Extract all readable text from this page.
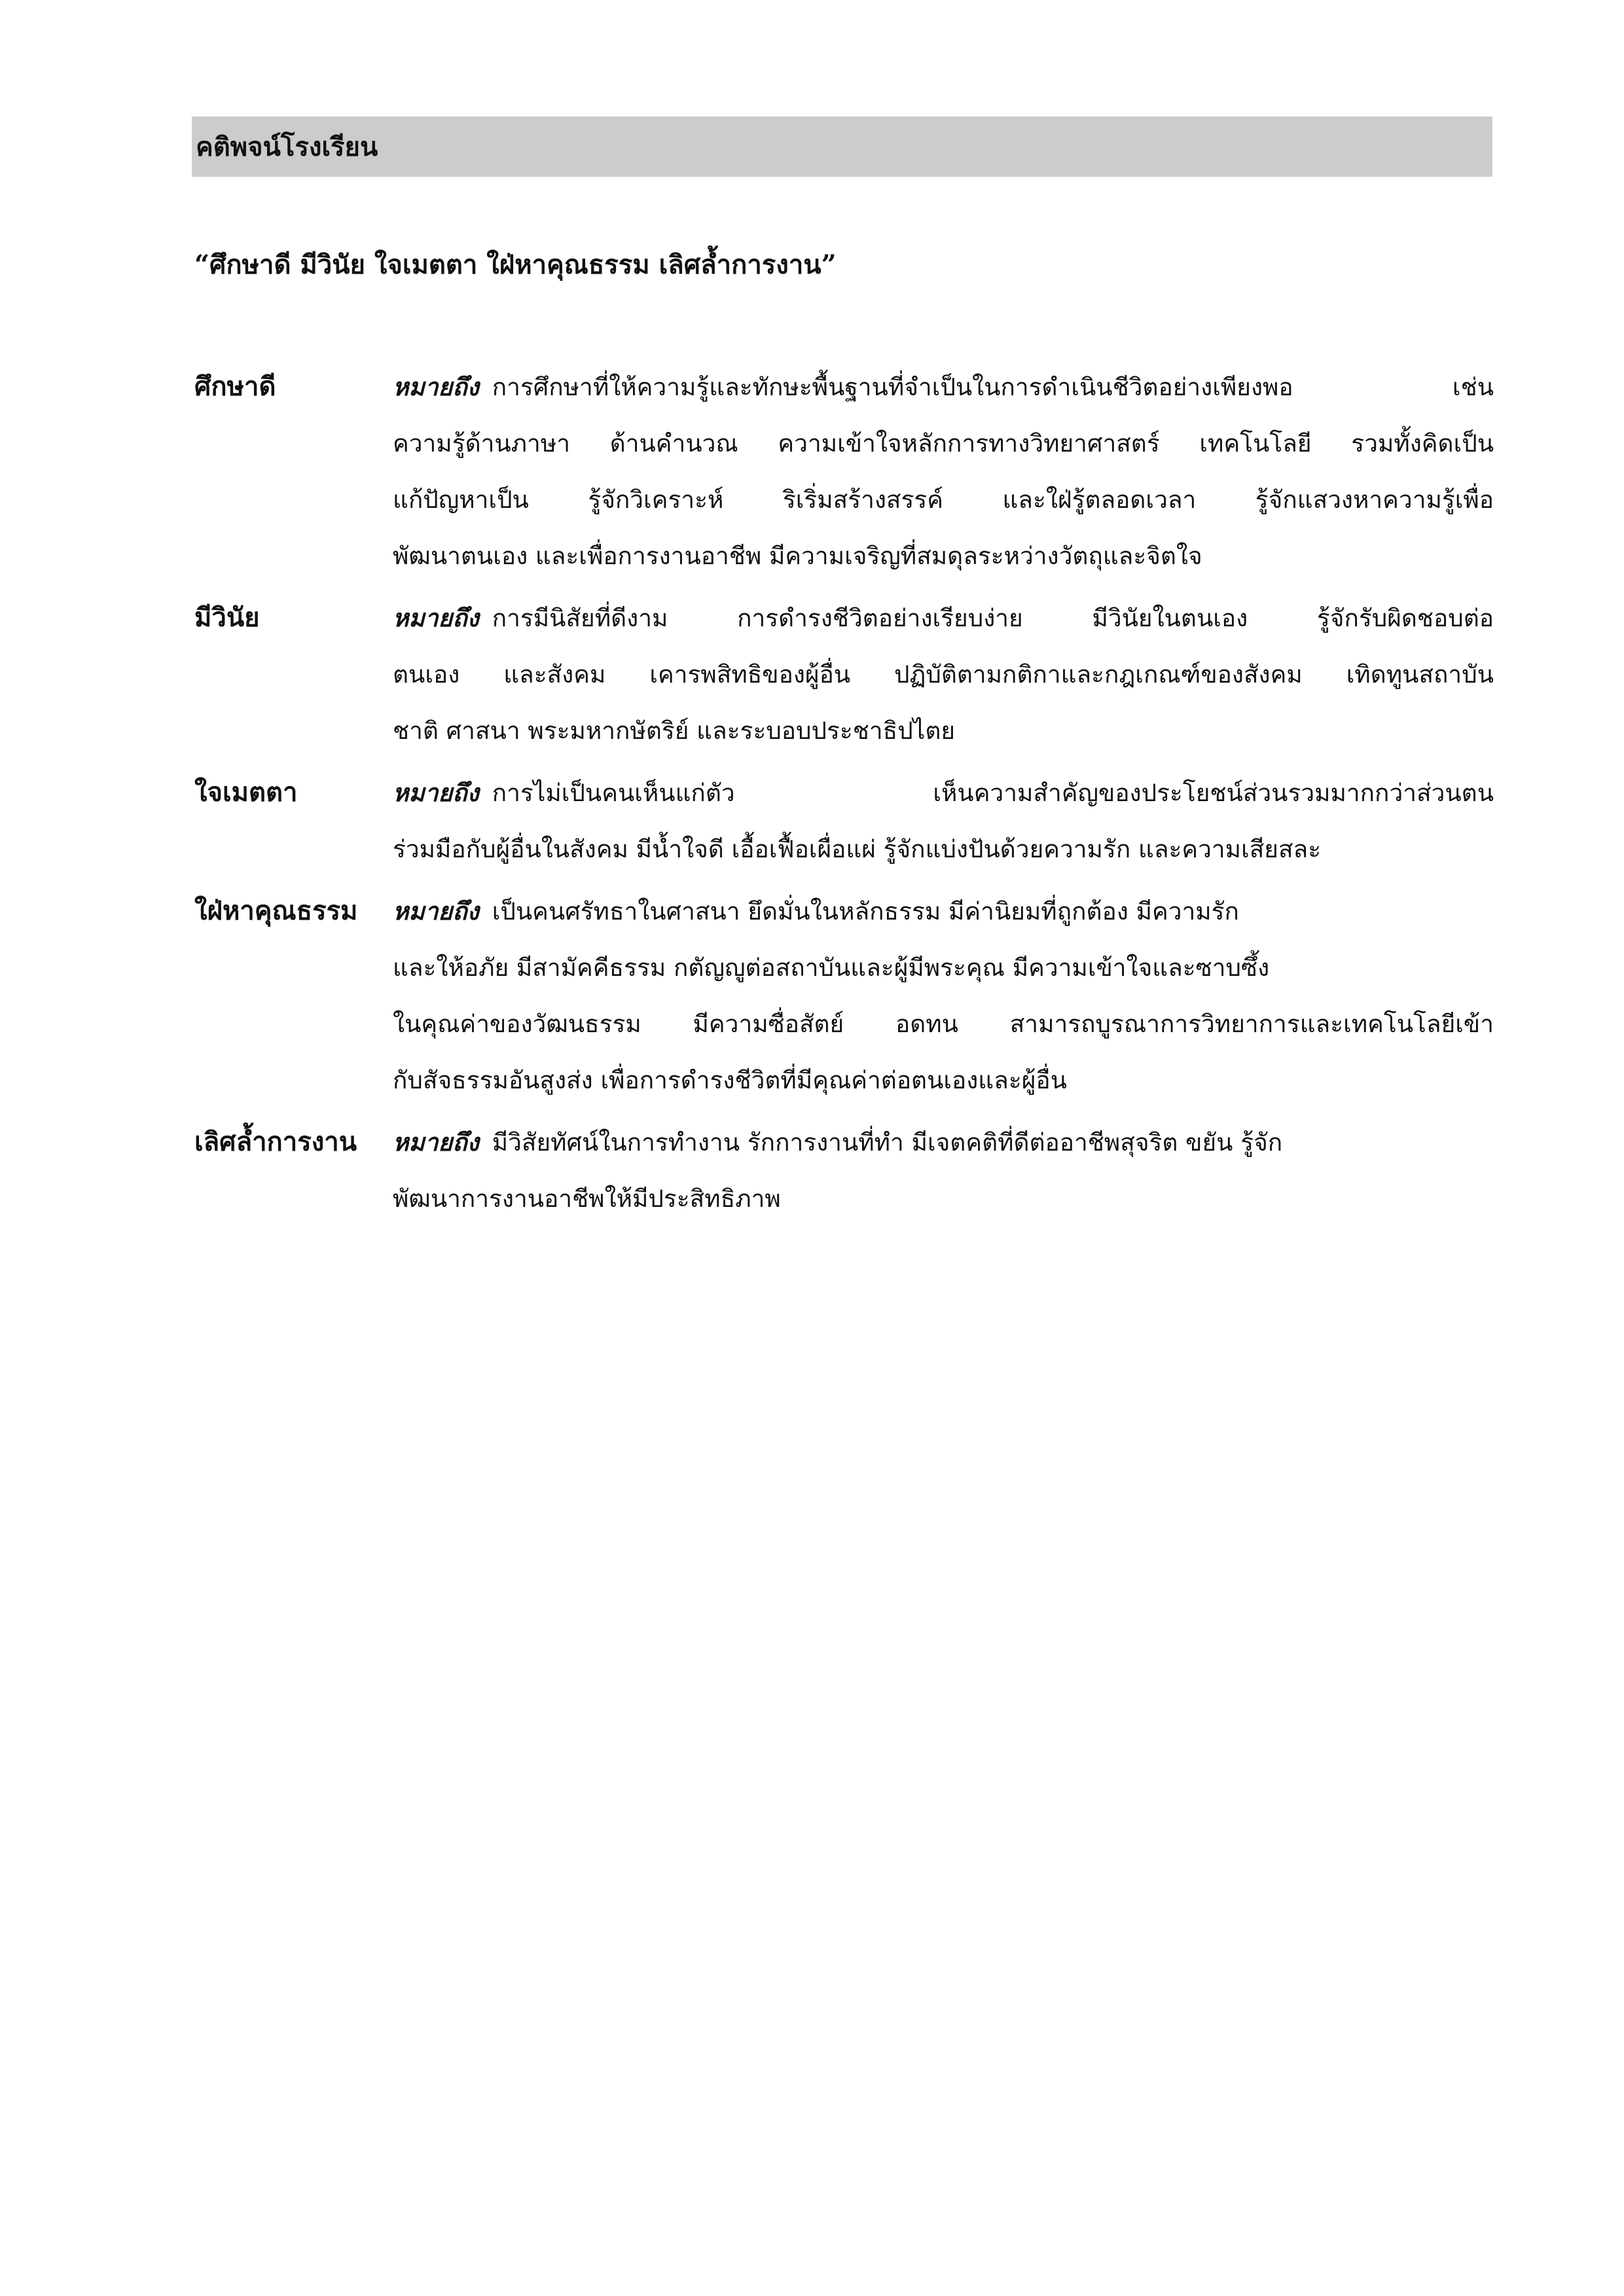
คติพจน์โรงเรียน
“ศึกษาดี มีวินัย ใจเมตตา ใฝ่หาคุณธรรม เลิศล้ำการงาน”
ศึกษาดี	หมายถึง การศึกษาที่ให้ความรู้และทักษะพื้นฐานที่จำเป็นในการดำเนินชีวิตอย่างเพียงพอ เช่น
ความรู้ด้านภาษา ด้านคำนวณ ความเข้าใจหลักการทางวิทยาศาสตร์ เทคโนโลยี รวมทั้งคิดเป็น
แก้ปัญหาเป็น รู้จักวิเคราะห์ ริเริ่มสร้างสรรค์ และใฝ่รู้ตลอดเวลา รู้จักแสวงหาความรู้เพื่อ
พัฒนาตนเอง และเพื่อการงานอาชีพ มีความเจริญที่สมดุลระหว่างวัตถุและจิตใจ
มีวินัย	หมายถึง การมีนิสัยที่ดีงาม การดำรงชีวิตอย่างเรียบง่าย มีวินัยในตนเอง รู้จักรับผิดชอบต่อ
ตนเอง และสังคม เคารพสิทธิของผู้อื่น ปฏิบัติตามกติกาและกฎเกณฑ์ของสังคม เทิดทูนสถาบัน
ชาติ ศาสนา พระมหากษัตริย์ และระบอบประชาธิปไตย
ใจเมตตา	หมายถึง การไม่เป็นคนเห็นแก่ตัว เห็นความสำคัญของประโยชน์ส่วนรวมมากกว่าส่วนตน
ร่วมมือกับผู้อื่นในสังคม มีน้ำใจดี เอื้อเฟื้อเผื่อแผ่ รู้จักแบ่งปันด้วยความรัก และความเสียสละ
ใฝ่หาคุณธรรม	หมายถึง เป็นคนศรัทธาในศาสนา ยึดมั่นในหลักธรรม มีค่านิยมที่ถูกต้อง มีความรัก
และให้อภัย มีสามัคคีธรรม กตัญญูต่อสถาบันและผู้มีพระคุณ มีความเข้าใจและซาบซึ้ง
ในคุณค่าของวัฒนธรรม มีความซื่อสัตย์ อดทน สามารถบูรณาการวิทยาการและเทคโนโลยีเข้า
กับสัจธรรมอันสูงส่ง เพื่อการดำรงชีวิตที่มีคุณค่าต่อตนเองและผู้อื่น
เลิศล้ำการงาน	หมายถึง มีวิสัยทัศน์ในการทำงาน รักการงานที่ทำ มีเจตคติที่ดีต่ออาชีพสุจริต ขยัน รู้จัก
พัฒนาการงานอาชีพให้มีประสิทธิภาพ
